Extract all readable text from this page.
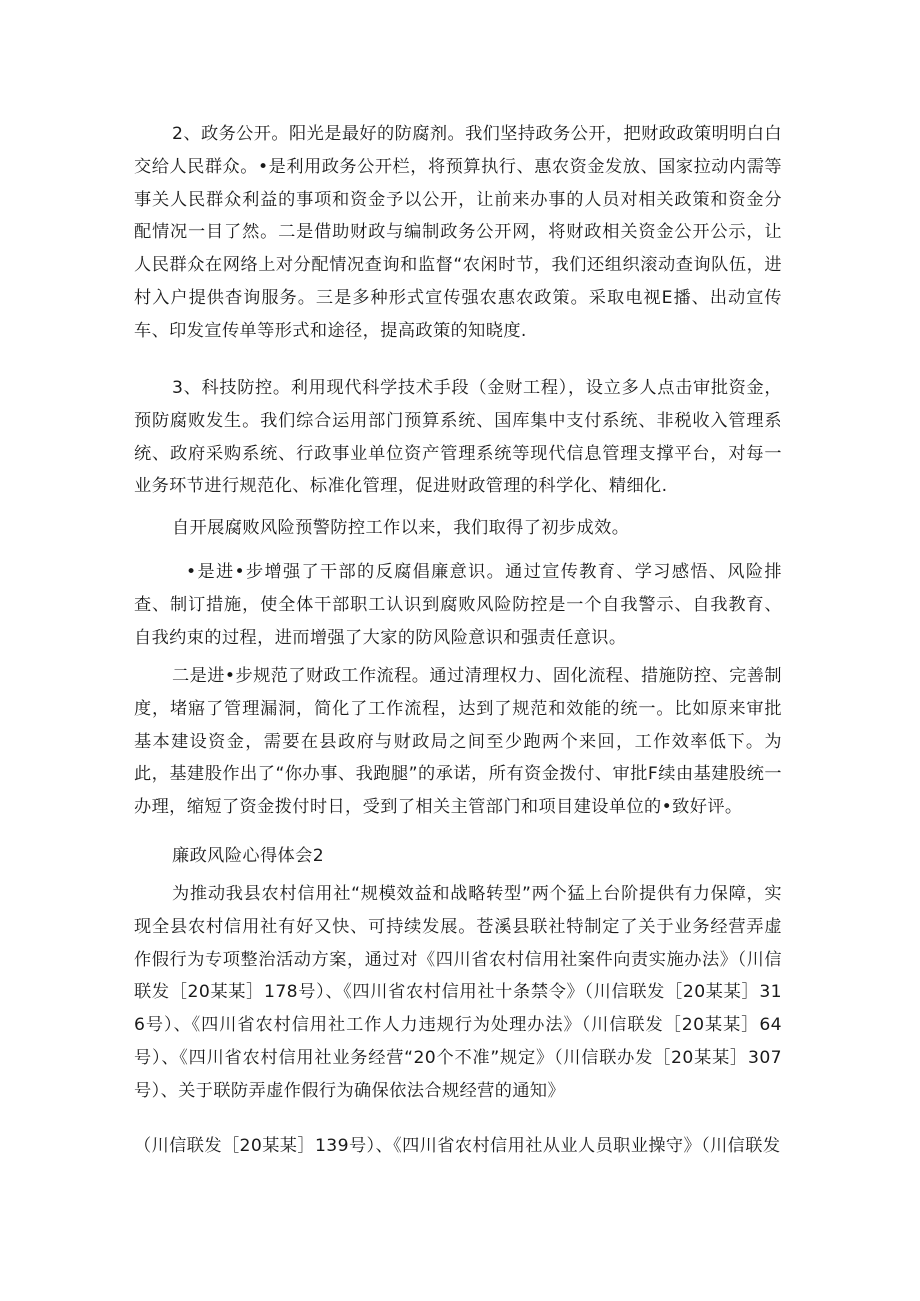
2、政务公开。阳光是最好的防腐剂。我们坚持政务公开，把财政政策明明白白交给人民群众。•是利用政务公开栏，将预算执行、惠农资金发放、国家拉动内需等事关人民群众利益的事项和资金予以公开，让前来办事的人员对相关政策和资金分配情况一目了然。二是借助财政与编制政务公开网，将财政相关资金公开公示，让人民群众在网络上对分配情况查询和监督“农闲时节，我们还组织滚动查询队伍，进村入户提供杳询服务。三是多种形式宣传强农惠农政策。采取电视E播、出动宣传车、印发宣传单等形式和途径，提高政策的知晓度.

3、科技防控。利用现代科学技术手段（金财工程），设立多人点击审批资金，预防腐败发生。我们综合运用部门预算系统、国库集中支付系统、非税收入管理系统、政府采购系统、行政事业单位资产管理系统等现代信息管理支撑平台，对每一业务环节进行规范化、标准化管理，促进财政管理的科学化、精细化.

自开展腐败风险预警防控工作以来，我们取得了初步成效。

•是进•步增强了干部的反腐倡廉意识。通过宣传教育、学习感悟、风险排查、制订措施，使全体干部职工认识到腐败风险防控是一个自我警示、自我教育、自我约束的过程，进而增强了大家的防风险意识和强责任意识。

二是进•步规范了财政工作流程。通过清理权力、固化流程、措施防控、完善制度，堵寤了管理漏洞，简化了工作流程，达到了规范和效能的统一。比如原来审批基本建设资金，需要在县政府与财政局之间至少跑两个来回，工作效率低下。为此，基建股作出了“你办事、我跑腿”的承诺，所有资金拨付、审批F续由基建股统一办理，缩短了资金拨付时日，受到了相关主管部门和项目建设单位的•致好评。

廉政风险心得体会2

为推动我县农村信用社“规模效益和战略转型”两个猛上台阶提供有力保障，实现全县农村信用社有好又快、可持续发展。苍溪县联社特制定了关于业务经营弄虚作假行为专项整治活动方案，通过对《四川省农村信用社案件向责实施办法》（川信联发［20某某］178号）、《四川省农村信用社十条禁令》（川信联发［20某某］316号）、《四川省农村信用社工作人力违规行为处理办法》（川信联发［20某某］64号）、《四川省农村信用社业务经营“20个不准”规定》（川信联办发［20某某］307号）、关于联防弄虚作假行为确保依法合规经营的通知》

（川信联发［20某某］139号）、《四川省农村信用社从业人员职业操守》（川信联发
